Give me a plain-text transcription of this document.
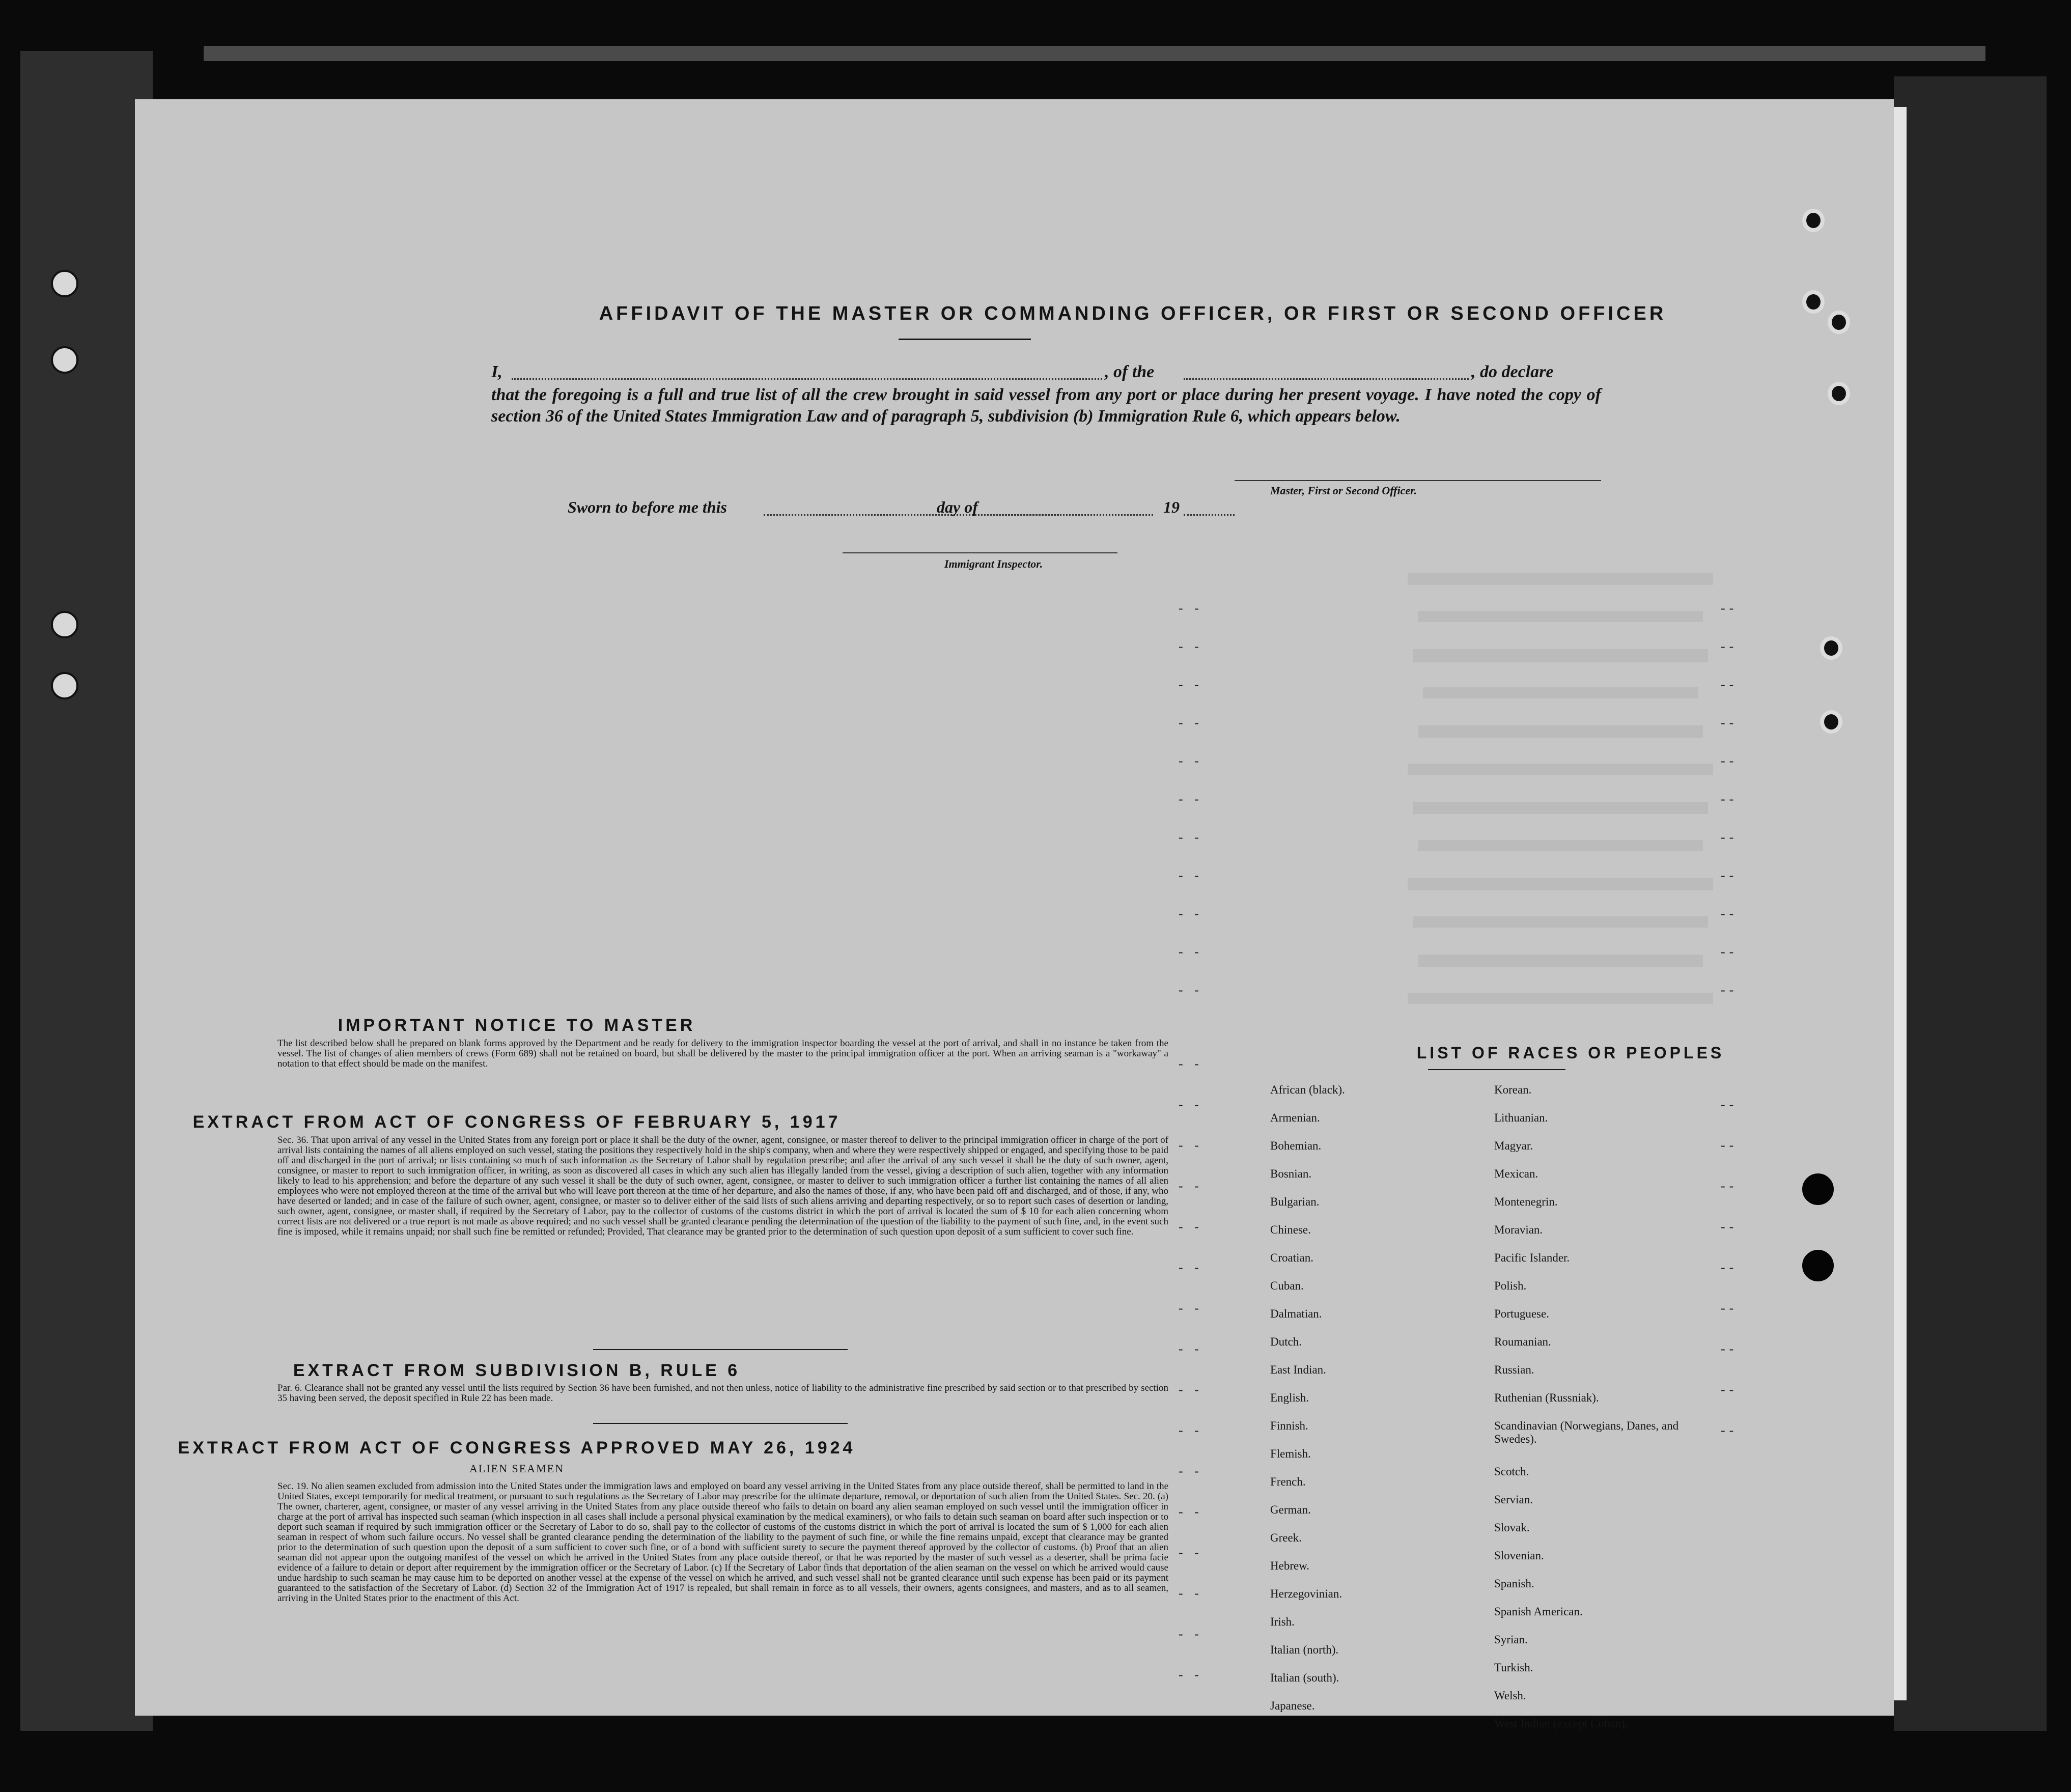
AFFIDAVIT OF THE MASTER OR COMMANDING OFFICER, OR FIRST OR SECOND OFFICER
I,	, of the	, do declare
that the foregoing is a full and true list of all the crew brought in said vessel from any port or place during her present voyage. I have noted the copy of section 36 of the United States Immigration Law and of paragraph 5, subdivision (b) Immigration Rule 6, which appears below.
Master, First or Second Officer.
Sworn to before me this	day of	19
Immigrant Inspector.
- -
- -
- -
- -
- -
- -
- -
- -
- -
- -
- -
- -
- -
- -
- -
- -
- -
- -
- -
- -
- -
- -
- -
- -
- -
- -
- -
--
--
--
--
--
--
--
--
--
--
--
--
--
--
--
--
--
--
--
--
IMPORTANT NOTICE TO MASTER
The list described below shall be prepared on blank forms approved by the Department and be ready for delivery to the immigration inspector boarding the vessel at the port of arrival, and shall in no instance be taken from the vessel. The list of changes of alien members of crews (Form 689) shall not be retained on board, but shall be delivered by the master to the principal immigration officer at the port. When an arriving seaman is a "workaway" a notation to that effect should be made on the manifest.
EXTRACT FROM ACT OF CONGRESS OF FEBRUARY 5, 1917
Sec. 36. That upon arrival of any vessel in the United States from any foreign port or place it shall be the duty of the owner, agent, consignee, or master thereof to deliver to the principal immigration officer in charge of the port of arrival lists containing the names of all aliens employed on such vessel, stating the positions they respectively hold in the ship's company, when and where they were respectively shipped or engaged, and specifying those to be paid off and discharged in the port of arrival; or lists containing so much of such information as the Secretary of Labor shall by regulation prescribe; and after the arrival of any such vessel it shall be the duty of such owner, agent, consignee, or master to report to such immigration officer, in writing, as soon as discovered all cases in which any such alien has illegally landed from the vessel, giving a description of such alien, together with any information likely to lead to his apprehension; and before the departure of any such vessel it shall be the duty of such owner, agent, consignee, or master to deliver to such immigration officer a further list containing the names of all alien employees who were not employed thereon at the time of the arrival but who will leave port thereon at the time of her departure, and also the names of those, if any, who have been paid off and discharged, and of those, if any, who have deserted or landed; and in case of the failure of such owner, agent, consignee, or master so to deliver either of the said lists of such aliens arriving and departing respectively, or so to report such cases of desertion or landing, such owner, agent, consignee, or master shall, if required by the Secretary of Labor, pay to the collector of customs of the customs district in which the port of arrival is located the sum of $ 10 for each alien concerning whom correct lists are not delivered or a true report is not made as above required; and no such vessel shall be granted clearance pending the determination of the question of the liability to the payment of such fine, and, in the event such fine is imposed, while it remains unpaid; nor shall such fine be remitted or refunded; Provided, That clearance may be granted prior to the determination of such question upon deposit of a sum sufficient to cover such fine.
EXTRACT FROM SUBDIVISION B, RULE 6
Par. 6. Clearance shall not be granted any vessel until the lists required by Section 36 have been furnished, and not then unless, notice of liability to the administrative fine prescribed by said section or to that prescribed by section 35 having been served, the deposit specified in Rule 22 has been made.
EXTRACT FROM ACT OF CONGRESS APPROVED MAY 26, 1924
ALIEN SEAMEN
Sec. 19. No alien seamen excluded from admission into the United States under the immigration laws and employed on board any vessel arriving in the United States from any place outside thereof, shall be permitted to land in the United States, except temporarily for medical treatment, or pursuant to such regulations as the Secretary of Labor may prescribe for the ultimate departure, removal, or deportation of such alien from the United States. Sec. 20. (a) The owner, charterer, agent, consignee, or master of any vessel arriving in the United States from any place outside thereof who fails to detain on board any alien seaman employed on such vessel until the immigration officer in charge at the port of arrival has inspected such seaman (which inspection in all cases shall include a personal physical examination by the medical examiners), or who fails to detain such seaman on board after such inspection or to deport such seaman if required by such immigration officer or the Secretary of Labor to do so, shall pay to the collector of customs of the customs district in which the port of arrival is located the sum of $ 1,000 for each alien seaman in respect of whom such failure occurs. No vessel shall be granted clearance pending the determination of the liability to the payment of such fine, or while the fine remains unpaid, except that clearance may be granted prior to the determination of such question upon the deposit of a sum sufficient to cover such fine, or of a bond with sufficient surety to secure the payment thereof approved by the collector of customs. (b) Proof that an alien seaman did not appear upon the outgoing manifest of the vessel on which he arrived in the United States from any place outside thereof, or that he was reported by the master of such vessel as a deserter, shall be prima facie evidence of a failure to detain or deport after requirement by the immigration officer or the Secretary of Labor. (c) If the Secretary of Labor finds that deportation of the alien seaman on the vessel on which he arrived would cause undue hardship to such seaman he may cause him to be deported on another vessel at the expense of the vessel on which he arrived, and such vessel shall not be granted clearance until such expense has been paid or its payment guaranteed to the satisfaction of the Secretary of Labor. (d) Section 32 of the Immigration Act of 1917 is repealed, but shall remain in force as to all vessels, their owners, agents consignees, and masters, and as to all seamen, arriving in the United States prior to the enactment of this Act.
LIST OF RACES OR PEOPLES
African (black).
Armenian.
Bohemian.
Bosnian.
Bulgarian.
Chinese.
Croatian.
Cuban.
Dalmatian.
Dutch.
East Indian.
English.
Finnish.
Flemish.
French.
German.
Greek.
Hebrew.
Herzegovinian.
Irish.
Italian (north).
Italian (south).
Japanese.
Korean.
Lithuanian.
Magyar.
Mexican.
Montenegrin.
Moravian.
Pacific Islander.
Polish.
Portuguese.
Roumanian.
Russian.
Ruthenian (Russniak).
Scandinavian (Norwegians, Danes, and Swedes).
Scotch.
Servian.
Slovak.
Slovenian.
Spanish.
Spanish American.
Syrian.
Turkish.
Welsh.
West Indian (except Cuban).
